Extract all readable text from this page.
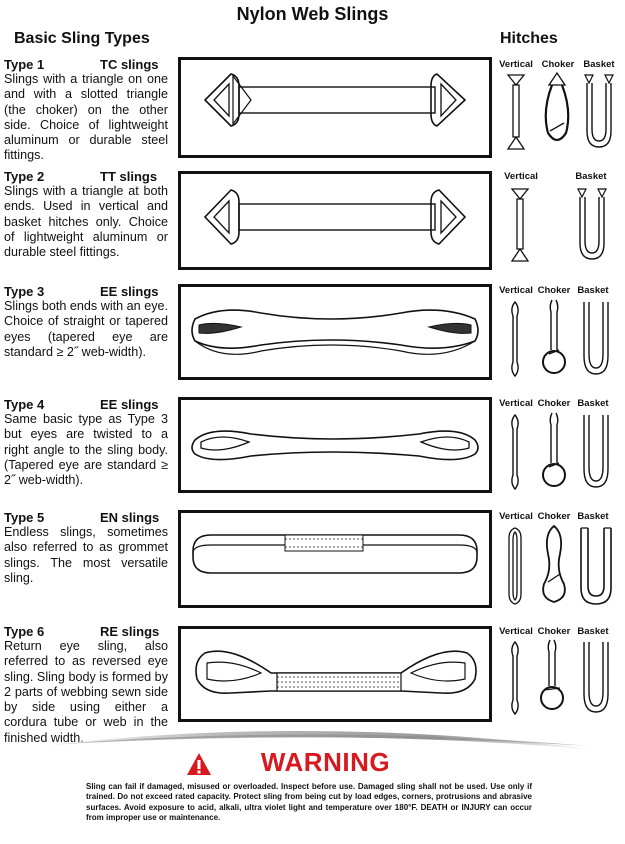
Nylon Web Slings
Basic Sling Types	Hitches
Type 1	TC slings
Slings with a triangle on one and with a slotted triangle (the choker) on the other side. Choice of lightweight aluminum or durable steel fittings.
Vertical Choker Basket
Type 2	TT slings
Slings with a triangle at both ends. Used in vertical and basket hitches only. Choice of lightweight aluminum or durable steel fittings.
Vertical	Basket
Type 3	EE slings
Slings both ends with an eye. Choice of straight or tapered eyes (tapered eye are standard ≥ 2˝ web-width).
Vertical Choker Basket
Type 4	EE slings
Same basic type as Type 3 but eyes are twisted to a right angle to the sling body. (Tapered eye are standard ≥ 2˝ web-width).
Vertical Choker Basket
Type 5	EN slings
Endless slings, sometimes also referred to as grommet slings. The most versatile sling.
Vertical Choker Basket
Type 6	RE slings
Return eye sling, also referred to as reversed eye sling. Sling body is formed by 2 parts of webbing sewn side by side using either a cordura tube or web in the finished width.
Vertical Choker Basket
WARNING
Sling can fail if damaged, misused or overloaded. Inspect before use. Damaged sling shall not be used. Use only if trained. Do not exceed rated capacity. Protect sling from being cut by load edges, corners, protrusions and abrasive surfaces. Avoid exposure to acid, alkali, ultra violet light and temperature over 180°F. DEATH or INJURY can occur from improper use or maintenance.
